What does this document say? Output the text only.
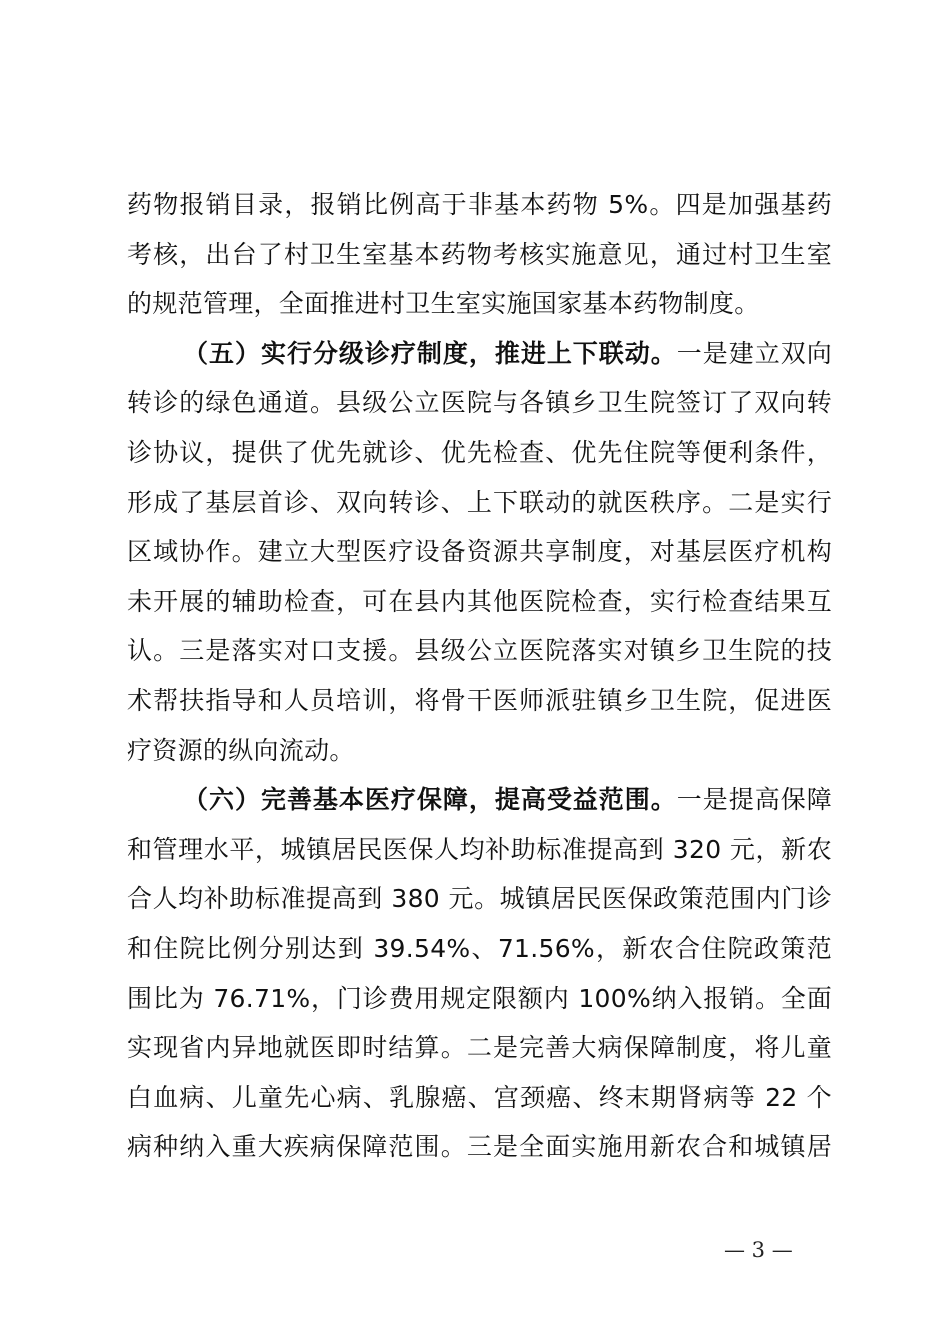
药物报销目录，报销比例高于非基本药物 5%。四是加强基药
考核，出台了村卫生室基本药物考核实施意见，通过村卫生室
的规范管理，全面推进村卫生室实施国家基本药物制度。
（五）实行分级诊疗制度，推进上下联动。一是建立双向
转诊的绿色通道。县级公立医院与各镇乡卫生院签订了双向转
诊协议，提供了优先就诊、优先检查、优先住院等便利条件，
形成了基层首诊、双向转诊、上下联动的就医秩序。二是实行
区域协作。建立大型医疗设备资源共享制度，对基层医疗机构
未开展的辅助检查，可在县内其他医院检查，实行检查结果互
认。三是落实对口支援。县级公立医院落实对镇乡卫生院的技
术帮扶指导和人员培训，将骨干医师派驻镇乡卫生院，促进医
疗资源的纵向流动。
（六）完善基本医疗保障，提高受益范围。一是提高保障
和管理水平，城镇居民医保人均补助标准提高到 320 元，新农
合人均补助标准提高到 380 元。城镇居民医保政策范围内门诊
和住院比例分别达到 39.54%、71.56%，新农合住院政策范
围比为 76.71%，门诊费用规定限额内 100%纳入报销。全面
实现省内异地就医即时结算。二是完善大病保障制度，将儿童
白血病、儿童先心病、乳腺癌、宫颈癌、终末期肾病等 22 个
病种纳入重大疾病保障范围。三是全面实施用新农合和城镇居
— 3 —
